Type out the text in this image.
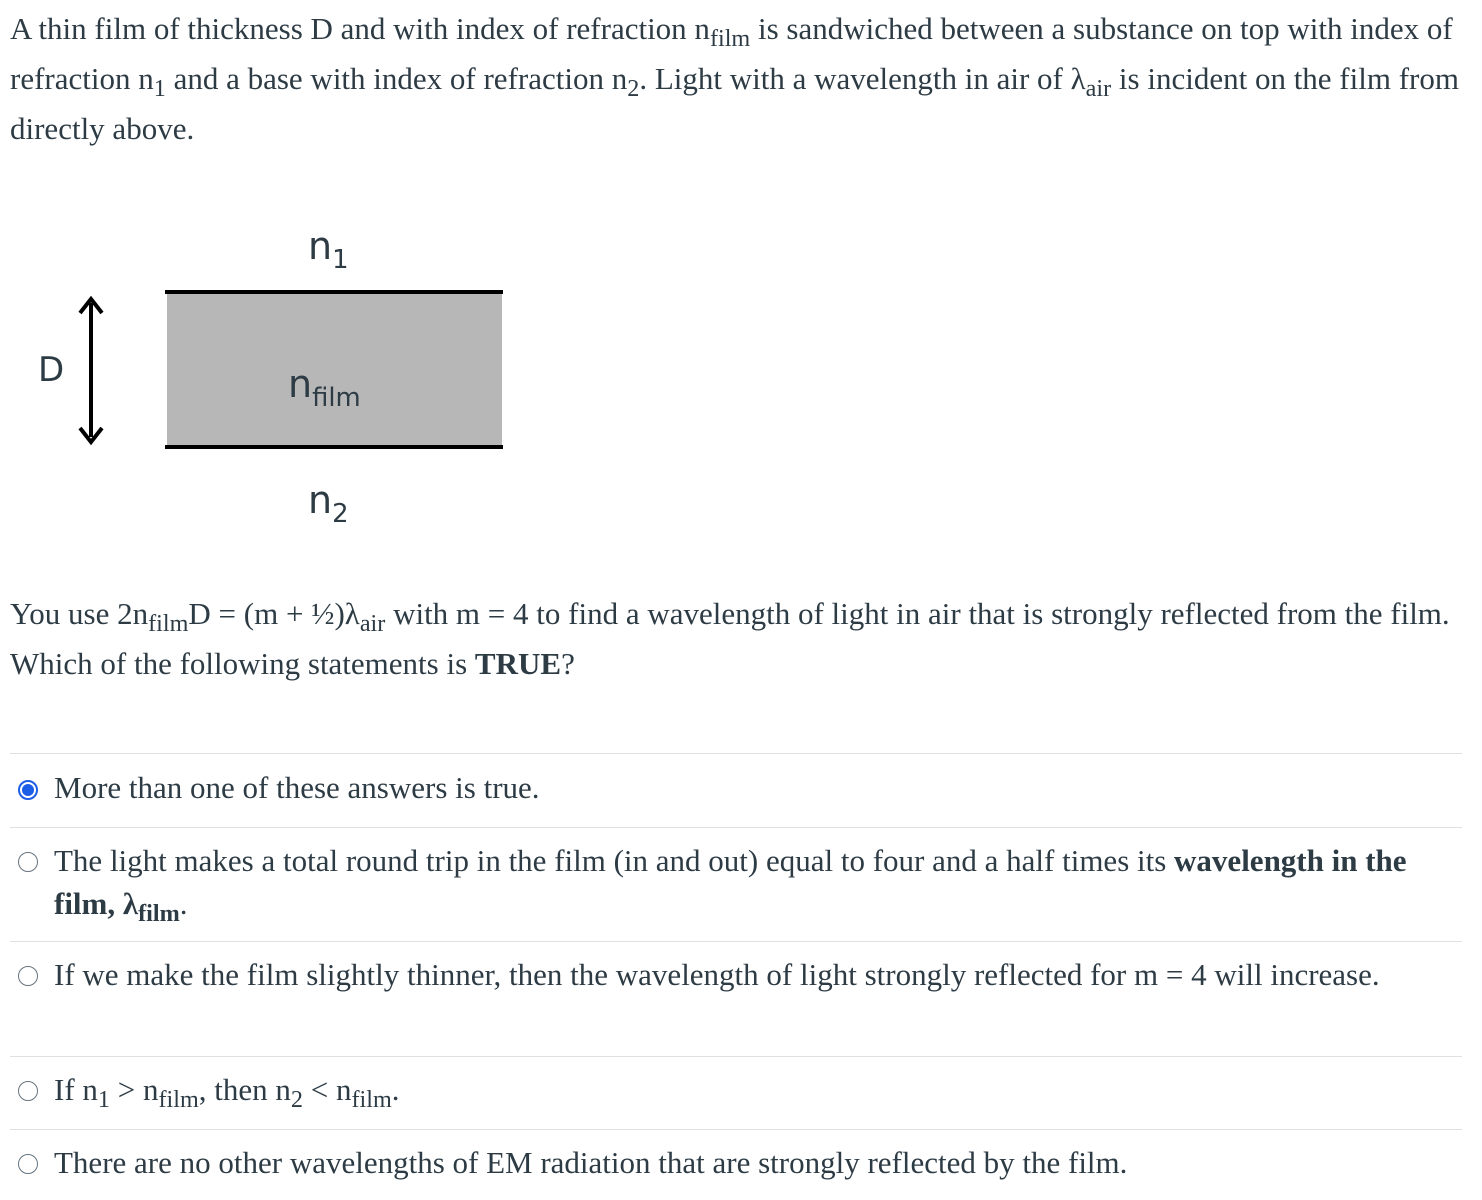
A thin film of thickness D and with index of refraction $n_{film}$ is sandwiched between a substance on top with index of refraction $n_1$ and a base with index of refraction $n_2$. Light with a wavelength in air of $\lambda_{air}$ is incident on the film from directly above.

$n_1$
$n_{film}$
$n_2$
D

You use $2n_{film}D = (m$ + $\frac{1}{2})\lambda_{air}$ with m = 4 to find a wavelength of light in air that is strongly reflected from the film. Which of the following statements is TRUE?

More than one of these answers is true.
The light makes a total round trip in the film (in and out) equal to four and a half times its wavelength in the film, $\lambda_{film}$.
If we make the film slightly thinner, then the wavelength of light strongly reflected for m = 4 will increase.
If $n_1 > n_{film}$, then $n_2 < n_{film}$.
There are no other wavelengths of EM radiation that are strongly reflected by the film.
